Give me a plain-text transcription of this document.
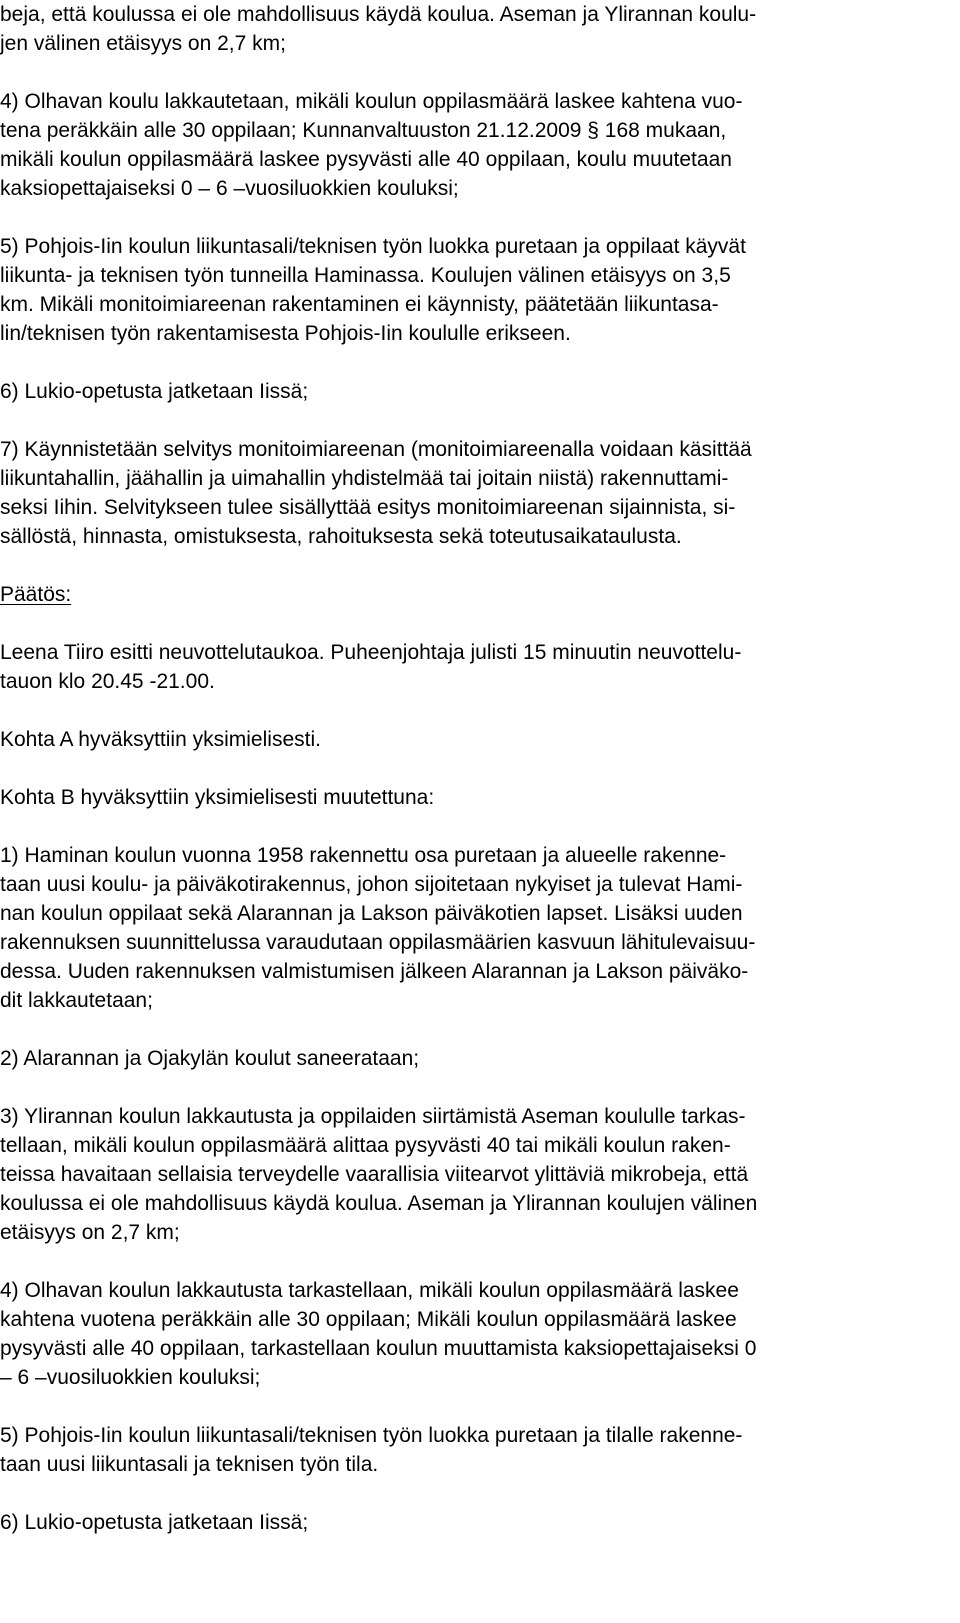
beja, että koulussa ei ole mahdollisuus käydä koulua. Aseman ja Ylirannan koulu-
jen välinen etäisyys on 2,7 km;
4) Olhavan koulu lakkautetaan, mikäli koulun oppilasmäärä laskee kahtena vuo-
tena peräkkäin alle 30 oppilaan; Kunnanvaltuuston 21.12.2009 § 168 mukaan,
mikäli koulun oppilasmäärä laskee pysyvästi alle 40 oppilaan, koulu muutetaan
kaksiopettajaiseksi 0 – 6 –vuosiluokkien kouluksi;
5) Pohjois-Iin koulun liikuntasali/teknisen työn luokka puretaan ja oppilaat käyvät
liikunta- ja teknisen työn tunneilla Haminassa. Koulujen välinen etäisyys on 3,5
km. Mikäli monitoimiareenan rakentaminen ei käynnisty, päätetään liikuntasa-
lin/teknisen työn rakentamisesta Pohjois-Iin koululle erikseen.
6) Lukio-opetusta jatketaan Iissä;
7) Käynnistetään selvitys monitoimiareenan (monitoimiareenalla voidaan käsittää
liikuntahallin, jäähallin ja uimahallin yhdistelmää tai joitain niistä) rakennuttami-
seksi Iihin. Selvitykseen tulee sisällyttää esitys monitoimiareenan sijainnista, si-
sällöstä, hinnasta, omistuksesta, rahoituksesta sekä toteutusaikataulusta.
Päätös:
Leena Tiiro esitti neuvottelutaukoa. Puheenjohtaja julisti 15 minuutin neuvottelu-
tauon klo 20.45 -21.00.
Kohta A hyväksyttiin yksimielisesti.
Kohta B hyväksyttiin yksimielisesti muutettuna:
1) Haminan koulun vuonna 1958 rakennettu osa puretaan ja alueelle rakenne-
taan uusi koulu- ja päiväkotirakennus, johon sijoitetaan nykyiset ja tulevat Hami-
nan koulun oppilaat sekä Alarannan ja Lakson päiväkotien lapset. Lisäksi uuden
rakennuksen suunnittelussa varaudutaan oppilasmäärien kasvuun lähitulevaisuu-
dessa. Uuden rakennuksen valmistumisen jälkeen Alarannan ja Lakson päiväko-
dit lakkautetaan;
2) Alarannan ja Ojakylän koulut saneerataan;
3) Ylirannan koulun lakkautusta ja oppilaiden siirtämistä Aseman koululle tarkas-
tellaan, mikäli koulun oppilasmäärä alittaa pysyvästi 40 tai mikäli koulun raken-
teissa havaitaan sellaisia terveydelle vaarallisia viitearvot ylittäviä mikrobeja, että
koulussa ei ole mahdollisuus käydä koulua. Aseman ja Ylirannan koulujen välinen
etäisyys on 2,7 km;
4) Olhavan koulun lakkautusta tarkastellaan, mikäli koulun oppilasmäärä laskee
kahtena vuotena peräkkäin alle 30 oppilaan; Mikäli koulun oppilasmäärä laskee
pysyvästi alle 40 oppilaan, tarkastellaan koulun muuttamista kaksiopettajaiseksi 0
– 6 –vuosiluokkien kouluksi;
5) Pohjois-Iin koulun liikuntasali/teknisen työn luokka puretaan ja tilalle rakenne-
taan uusi liikuntasali ja teknisen työn tila.
6) Lukio-opetusta jatketaan Iissä;
